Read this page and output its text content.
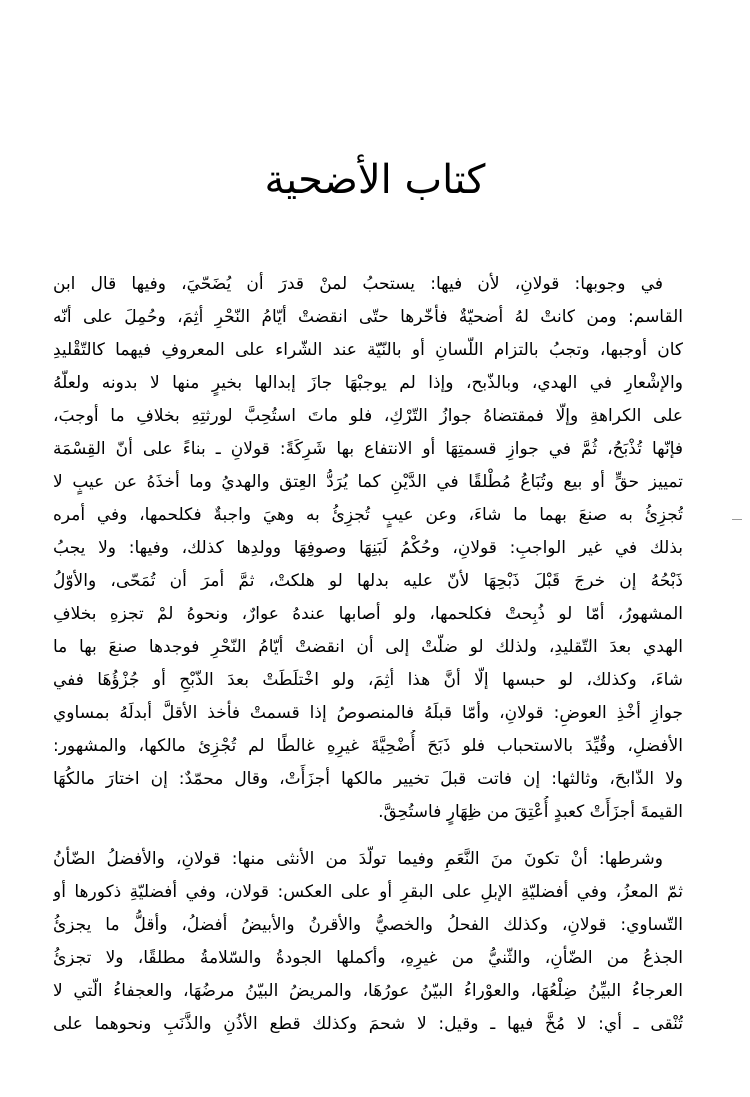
كتاب الأضحية
في وجوبها: قولانِ، لأن فيها: يستحبُ لمنْ قدرَ أن يُضَحّيَ، وفيها قال ابن
القاسم: ومن كانتْ لهُ أضحيّةٌ فأخّرها حتّى انقضتْ أيّامُ النّحْرِ أثِمَ، وحُمِلَ على أنّه
كان أوجبها، وتجبُ بالتزام اللّسانِ أو بالنّيّة عند الشّراء على المعروفِ فيهما كالتّقْليدِ
والإشْعارِ في الهدي، وبالذّبح، وإذا لم يوجبْهَا جازَ إبدالها بخيرٍ منها لا بدونه ولعلّهُ
على الكراهةِ وإلّا فمقتضاهُ جوازُ التّرْكِ، فلو ماتَ استُحِبَّ لورثتِهِ بخلافِ ما أوجبَ،
فإنّها تُذْبَحُ، ثُمَّ في جوازِ قسمتِهَا أو الانتفاع بها شَرِكَةً: قولانِ ـ بناءً على أنّ القِسْمَة
تمييز حقٍّ أو بيع وتُبَاعُ مُطْلقًا في الدَّيْنِ كما يُرَدُّ العِتق والهديُ وما أخذَهُ عن عيبٍ لا
تُجزِئُ به صنعَ بهما ما شاءَ، وعن عيبٍ تُجزِئُ به وهيَ واجبةٌ فكلحمها، وفي أمره
بذلك في غير الواجبِ: قولانِ، وحُكْمُ لَبَنِهَا وصوفِهَا وولدِها كذلك، وفيها: ولا يجبُ
ذَبْحُهُ إن خرجَ قَبْلَ ذَبْحِهَا لأنّ عليه بدلها لو هلكتْ، ثمَّ أمرَ أن تُمَحّى، والأوّلُ
المشهورُ، أمّا لو ذُبِحتْ فكلحمها، ولو أصابها عندهُ عوارٌ، ونحوهُ لمْ تجزهِ بخلافِ
الهدي بعدَ التّقليدِ، ولذلك لو ضلّتْ إلى أن انقضتْ أيّامُ النّحْرِ فوجدها صنعَ بها ما
شاءَ، وكذلك، لو حبسها إلّا أنَّ هذا أثِمَ، ولو اخْتلَطَتْ بعدَ الذّبْحِ أو جُزْؤُهَا ففي
جوازِ أخْذِ العوضِ: قولانِ، وأمّا قبلَهُ فالمنصوصُ إذا قسمتْ فأخذ الأقلَّ أبدلَهُ بمساوي
الأفضلِ، وقُيِّدَ بالاستحباب فلو ذَبَحَ أُضْحِيَّةَ غيرِهِ غالطًا لم تُجْزِئ مالكها، والمشهور:
ولا الذّابحَ، وثالثها: إن فاتت قبلَ تخيير مالكها أجزَأَتْ، وقال محمّدٌ: إن اختارَ مالكُهَا
القيمةَ أجزَأَتْ كعبدٍ أُعْتِقَ من ظِهَارٍ فاستُحِقَّ.
وشرطها: أنْ تكونَ منَ النَّعَمِ وفيما تولّدَ من الأنثى منها: قولانِ، والأفضلُ الضّأنُ
ثمّ المعزُ، وفي أفضليّةِ الإبلِ على البقرِ أو على العكس: قولان، وفي أفضليّةِ ذكورها أو
التّساوي: قولانِ، وكذلك الفحلُ والخصيُّ والأقرنُ والأبيضُ أفضلُ، وأقلُّ ما يجزئُ
الجذعُ من الضّأنِ، والثّنيُّ من غيرِهِ، وأكملها الجودةُ والسّلامةُ مطلقًا، ولا تجزئُ
العرجاءُ البيِّنُ ضِلْعُهَا، والعوْراءُ البيّنُ عورُهَا، والمريضُ البيّنُ مرضُهَا، والعجفاءُ الّتي لا
تُنْقى ـ أي: لا مُخَّ فيها ـ وقيل: لا شحمَ وكذلك قطع الأذُنِ والذَّنَبِ ونحوهما على
